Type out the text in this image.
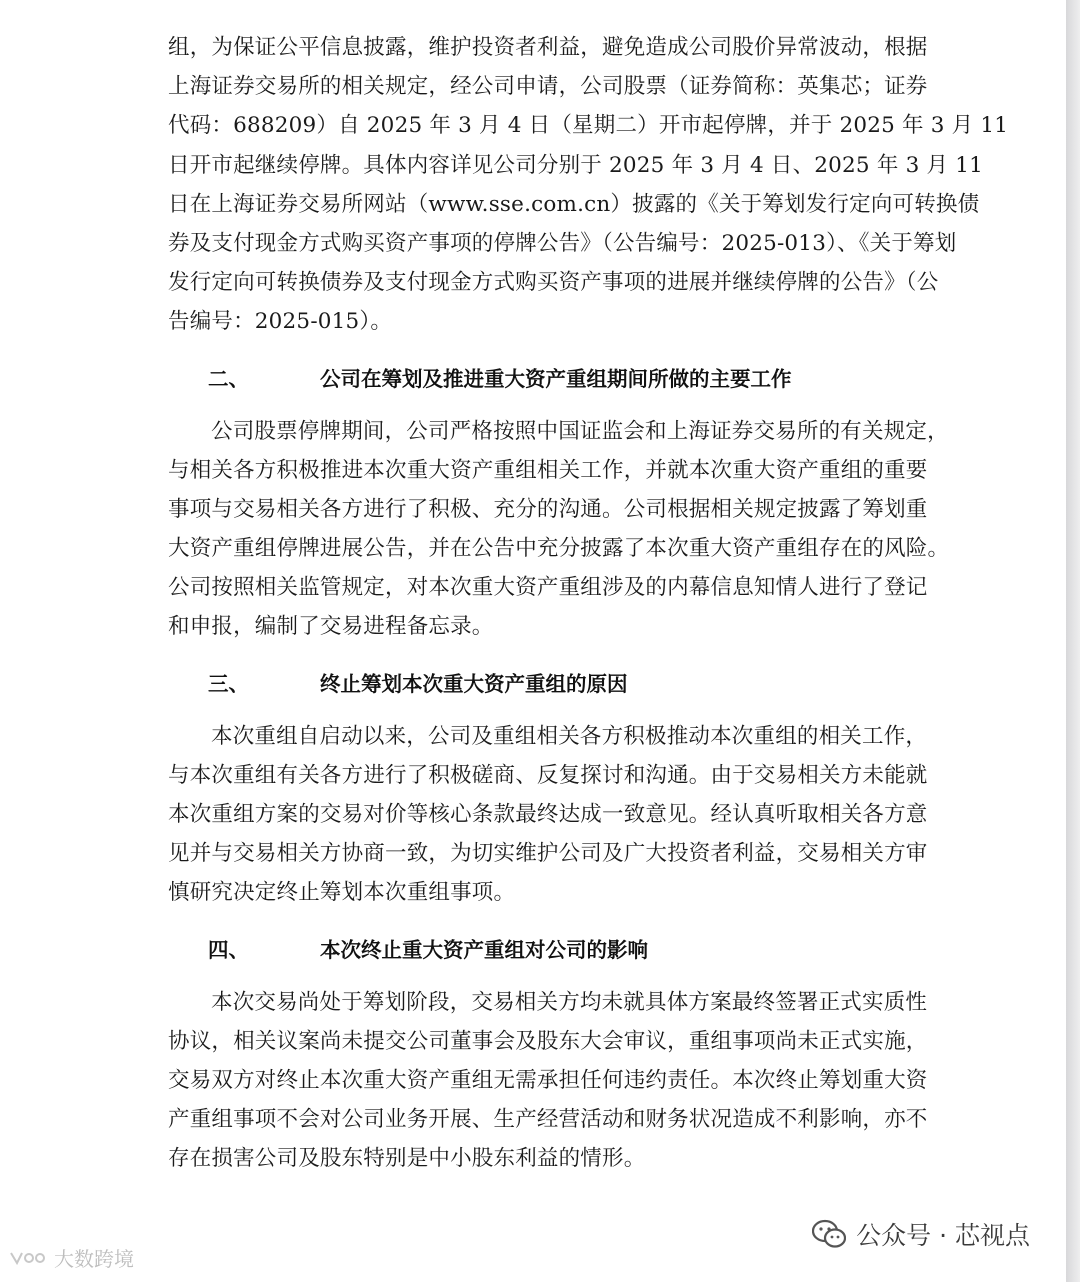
组，为保证公平信息披露，维护投资者利益，避免造成公司股价异常波动，根据
上海证券交易所的相关规定，经公司申请，公司股票（证券简称：英集芯；证券
代码：688209）自 2025 年 3 月 4 日（星期二）开市起停牌，并于 2025 年 3 月 11
日开市起继续停牌。具体内容详见公司分别于 2025 年 3 月 4 日、2025 年 3 月 11
日在上海证券交易所网站（www.sse.com.cn）披露的《关于筹划发行定向可转换债
券及支付现金方式购买资产事项的停牌公告》（公告编号：2025-013）、《关于筹划
发行定向可转换债券及支付现金方式购买资产事项的进展并继续停牌的公告》（公
告编号：2025-015）。
二、	公司在筹划及推进重大资产重组期间所做的主要工作
公司股票停牌期间，公司严格按照中国证监会和上海证券交易所的有关规定，
与相关各方积极推进本次重大资产重组相关工作，并就本次重大资产重组的重要
事项与交易相关各方进行了积极、充分的沟通。公司根据相关规定披露了筹划重
大资产重组停牌进展公告，并在公告中充分披露了本次重大资产重组存在的风险。
公司按照相关监管规定，对本次重大资产重组涉及的内幕信息知情人进行了登记
和申报，编制了交易进程备忘录。
三、	终止筹划本次重大资产重组的原因
本次重组自启动以来，公司及重组相关各方积极推动本次重组的相关工作，
与本次重组有关各方进行了积极磋商、反复探讨和沟通。由于交易相关方未能就
本次重组方案的交易对价等核心条款最终达成一致意见。经认真听取相关各方意
见并与交易相关方协商一致，为切实维护公司及广大投资者利益，交易相关方审
慎研究决定终止筹划本次重组事项。
四、	本次终止重大资产重组对公司的影响
本次交易尚处于筹划阶段，交易相关方均未就具体方案最终签署正式实质性
协议，相关议案尚未提交公司董事会及股东大会审议，重组事项尚未正式实施，
交易双方对终止本次重大资产重组无需承担任何违约责任。本次终止筹划重大资
产重组事项不会对公司业务开展、生产经营活动和财务状况造成不利影响，亦不
存在损害公司及股东特别是中小股东利益的情形。
公众号 · 芯视点
大数跨境
